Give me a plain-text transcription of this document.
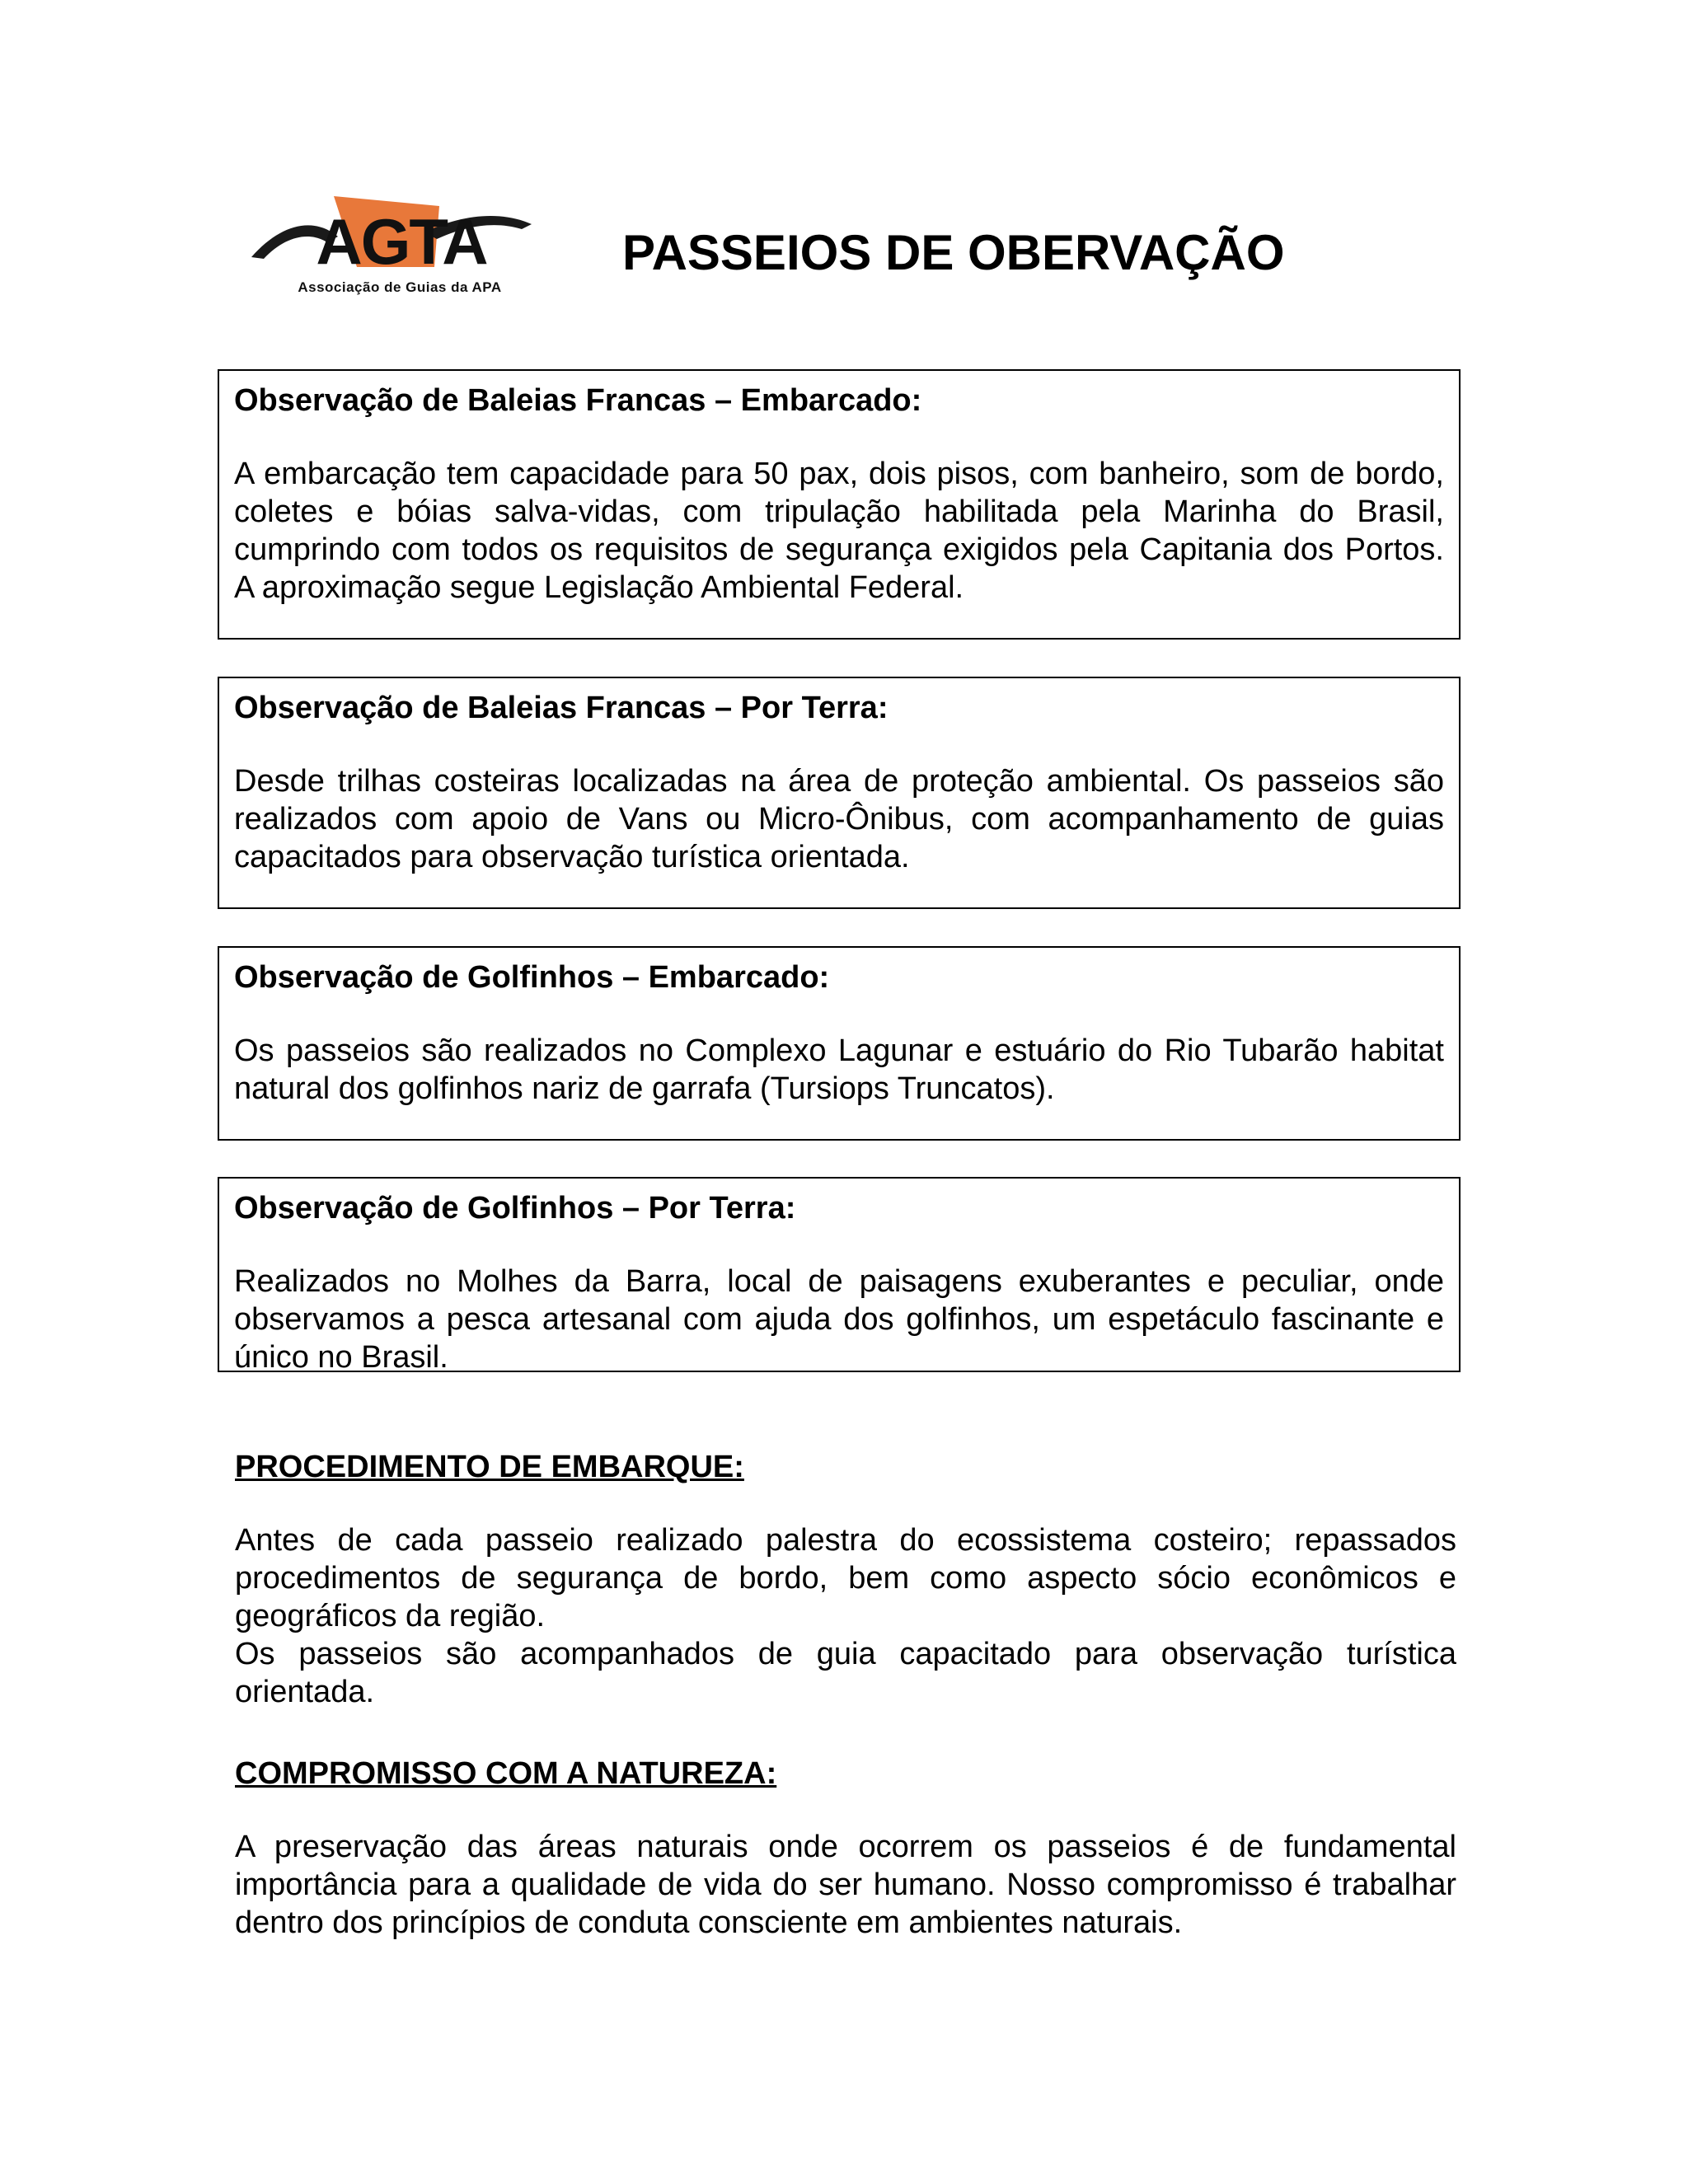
AGTA
Associação de Guias da APA
PASSEIOS DE OBERVAÇÃO

Observação de Baleias Francas – Embarcado:

A embarcação tem capacidade para 50 pax, dois pisos, com banheiro, som de bordo, coletes e bóias salva-vidas, com tripulação habilitada pela Marinha do Brasil, cumprindo com todos os requisitos de segurança exigidos pela Capitania dos Portos. A aproximação segue Legislação Ambiental Federal.

Observação de Baleias Francas – Por Terra:

Desde trilhas costeiras localizadas na área de proteção ambiental. Os passeios são realizados com apoio de Vans ou Micro-Ônibus, com acompanhamento de guias capacitados para observação turística orientada.

Observação de Golfinhos – Embarcado:

Os passeios são realizados no Complexo Lagunar e estuário do Rio Tubarão habitat natural dos golfinhos nariz de garrafa (Tursiops Truncatos).

Observação de Golfinhos – Por Terra:

Realizados no Molhes da Barra, local de paisagens exuberantes e peculiar, onde observamos a pesca artesanal com ajuda dos golfinhos, um espetáculo fascinante e único no Brasil.

PROCEDIMENTO DE EMBARQUE:

Antes de cada passeio realizado palestra do ecossistema costeiro; repassados procedimentos de segurança de bordo, bem como aspecto sócio econômicos e geográficos da região.

Os passeios são acompanhados de guia capacitado para observação turística orientada.

COMPROMISSO COM A NATUREZA:

A preservação das áreas naturais onde ocorrem os passeios é de fundamental importância para a qualidade de vida do ser humano. Nosso compromisso é trabalhar dentro dos princípios de conduta consciente em ambientes naturais.
